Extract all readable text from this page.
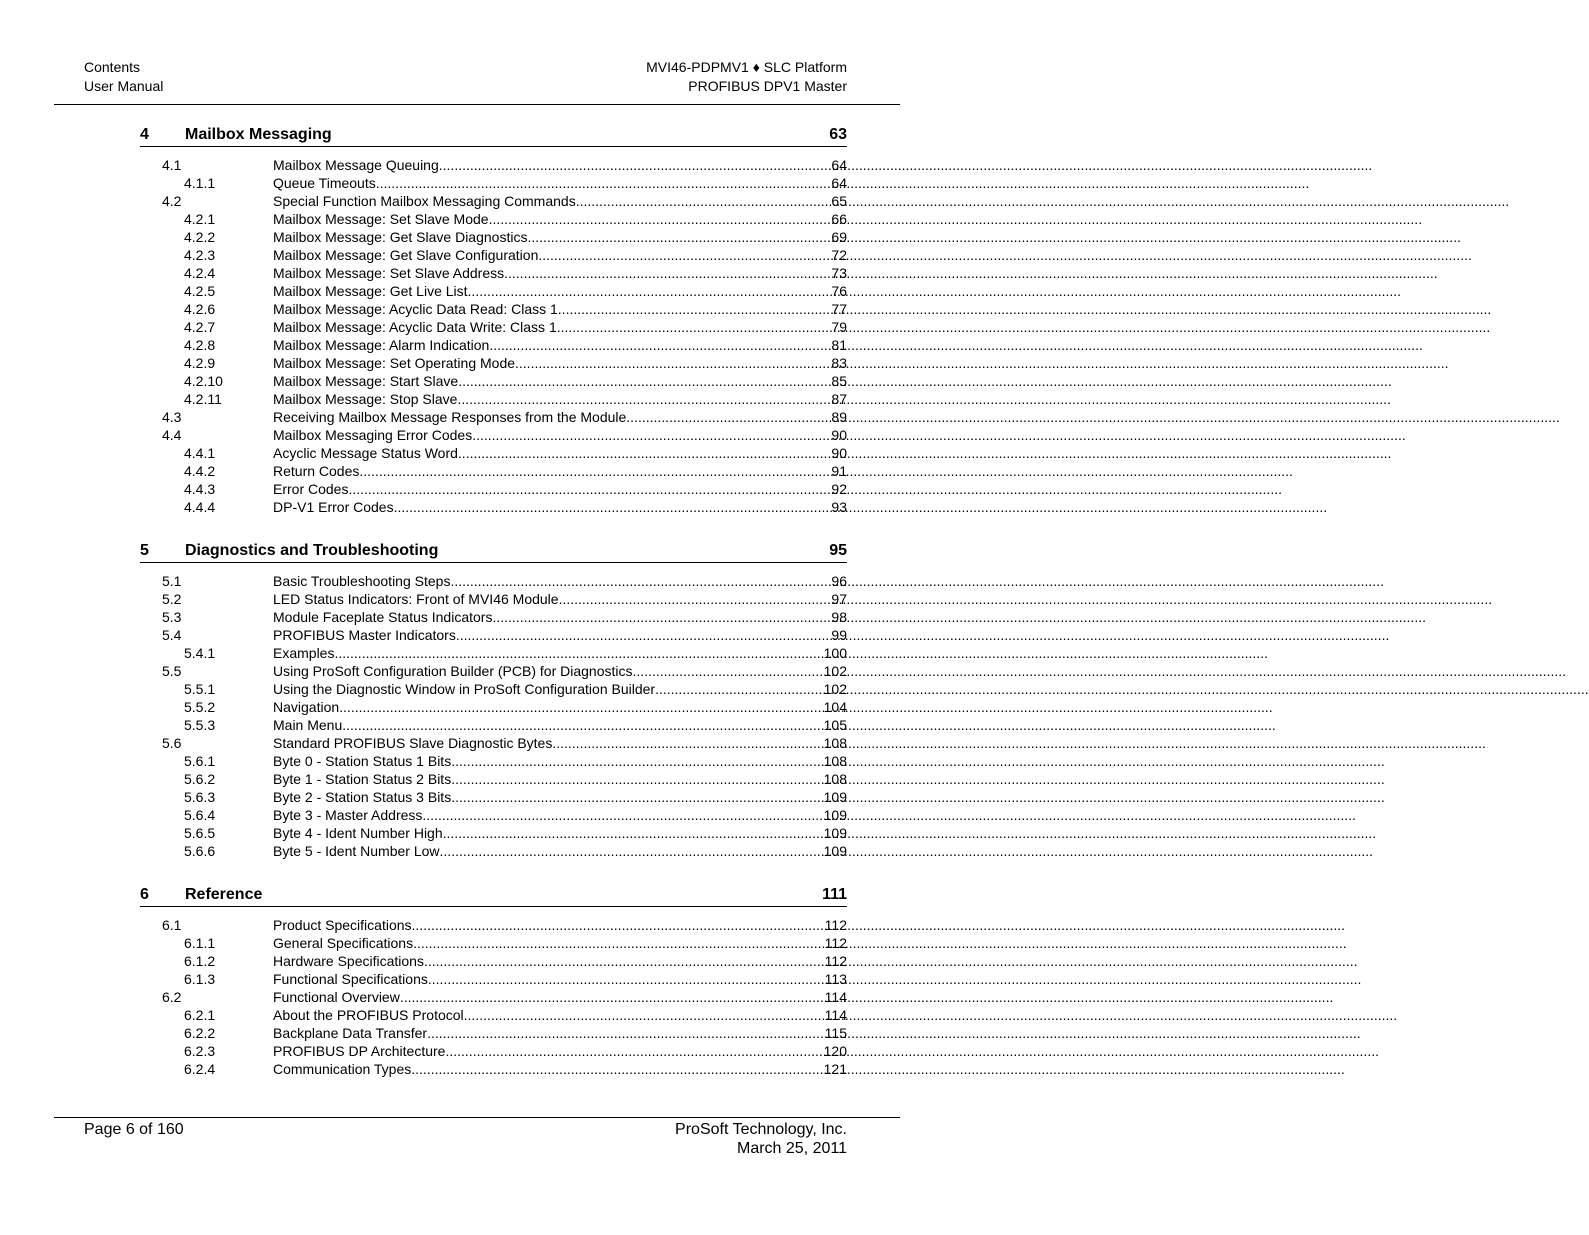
Contents
User Manual
MVI46-PDPMV1 ♦ SLC Platform
PROFIBUS DPV1 Master
4	Mailbox Messaging	63
4.1	Mailbox Message Queuing .....	64
4.1.1	Queue Timeouts .....	64
4.2	Special Function Mailbox Messaging Commands .....	65
4.2.1	Mailbox Message: Set Slave Mode .....	66
4.2.2	Mailbox Message: Get Slave Diagnostics .....	69
4.2.3	Mailbox Message: Get Slave Configuration .....	72
4.2.4	Mailbox Message: Set Slave Address .....	73
4.2.5	Mailbox Message: Get Live List .....	76
4.2.6	Mailbox Message: Acyclic Data Read: Class 1 .....	77
4.2.7	Mailbox Message: Acyclic Data Write: Class 1 .....	79
4.2.8	Mailbox Message: Alarm Indication .....	81
4.2.9	Mailbox Message: Set Operating Mode .....	83
4.2.10	Mailbox Message: Start Slave .....	85
4.2.11	Mailbox Message: Stop Slave .....	87
4.3	Receiving Mailbox Message Responses from the Module .....	89
4.4	Mailbox Messaging Error Codes .....	90
4.4.1	Acyclic Message Status Word .....	90
4.4.2	Return Codes .....	91
4.4.3	Error Codes .....	92
4.4.4	DP-V1 Error Codes .....	93
5	Diagnostics and Troubleshooting	95
5.1	Basic Troubleshooting Steps .....	96
5.2	LED Status Indicators: Front of MVI46 Module .....	97
5.3	Module Faceplate Status Indicators .....	98
5.4	PROFIBUS Master Indicators .....	99
5.4.1	Examples .....	100
5.5	Using ProSoft Configuration Builder (PCB) for Diagnostics .....	102
5.5.1	Using the Diagnostic Window in ProSoft Configuration Builder .....	102
5.5.2	Navigation .....	104
5.5.3	Main Menu .....	105
5.6	Standard PROFIBUS Slave Diagnostic Bytes .....	108
5.6.1	Byte 0 - Station Status 1 Bits .....	108
5.6.2	Byte 1 - Station Status 2 Bits .....	108
5.6.3	Byte 2 - Station Status 3 Bits .....	109
5.6.4	Byte 3 - Master Address .....	109
5.6.5	Byte 4 - Ident Number High .....	109
5.6.6	Byte 5 - Ident Number Low .....	109
6	Reference	111
6.1	Product Specifications .....	112
6.1.1	General Specifications .....	112
6.1.2	Hardware Specifications .....	112
6.1.3	Functional Specifications .....	113
6.2	Functional Overview .....	114
6.2.1	About the PROFIBUS Protocol .....	114
6.2.2	Backplane Data Transfer .....	115
6.2.3	PROFIBUS DP Architecture .....	120
6.2.4	Communication Types .....	121
Page 6 of 160	ProSoft Technology, Inc.
March 25, 2011
